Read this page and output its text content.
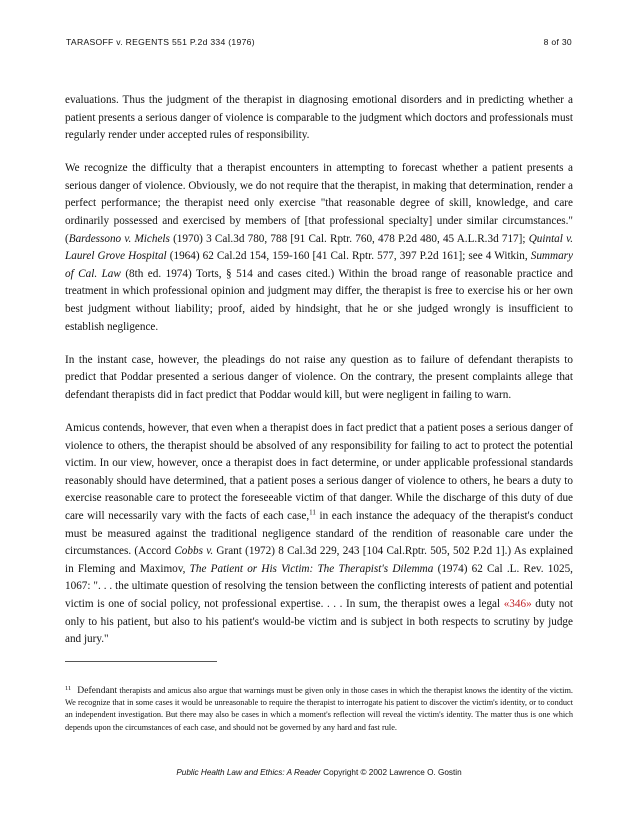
TARASOFF v. REGENTS 551 P.2d 334 (1976)	8 of 30

evaluations. Thus the judgment of the therapist in diagnosing emotional disorders and in predicting whether a patient presents a serious danger of violence is comparable to the judgment which doctors and professionals must regularly render under accepted rules of responsibility.

We recognize the difficulty that a therapist encounters in attempting to forecast whether a patient presents a serious danger of violence. Obviously, we do not require that the therapist, in making that determination, render a perfect performance; the therapist need only exercise "that reasonable degree of skill, knowledge, and care ordinarily possessed and exercised by members of [that professional specialty] under similar circumstances." (Bardessono v. Michels (1970) 3 Cal.3d 780, 788 [91 Cal. Rptr. 760, 478 P.2d 480, 45 A.L.R.3d 717]; Quintal v. Laurel Grove Hospital (1964) 62 Cal.2d 154, 159-160 [41 Cal. Rptr. 577, 397 P.2d 161]; see 4 Witkin, Summary of Cal. Law (8th ed. 1974) Torts, § 514 and cases cited.) Within the broad range of reasonable practice and treatment in which professional opinion and judgment may differ, the therapist is free to exercise his or her own best judgment without liability; proof, aided by hindsight, that he or she judged wrongly is insufficient to establish negligence.

In the instant case, however, the pleadings do not raise any question as to failure of defendant therapists to predict that Poddar presented a serious danger of violence. On the contrary, the present complaints allege that defendant therapists did in fact predict that Poddar would kill, but were negligent in failing to warn.

Amicus contends, however, that even when a therapist does in fact predict that a patient poses a serious danger of violence to others, the therapist should be absolved of any responsibility for failing to act to protect the potential victim. In our view, however, once a therapist does in fact determine, or under applicable professional standards reasonably should have determined, that a patient poses a serious danger of violence to others, he bears a duty to exercise reasonable care to protect the foreseeable victim of that danger. While the discharge of this duty of due care will necessarily vary with the facts of each case,$^{11}$ in each instance the adequacy of the therapist's conduct must be measured against the traditional negligence standard of the rendition of reasonable care under the circumstances. (Accord Cobbs v. Grant (1972) 8 Cal.3d 229, 243 [104 Cal.Rptr. 505, 502 P.2d 1].) As explained in Fleming and Maximov, The Patient or His Victim: The Therapist's Dilemma (1974) 62 Cal .L. Rev. 1025, 1067: ". . . the ultimate question of resolving the tension between the conflicting interests of patient and potential victim is one of social policy, not professional expertise. . . . In sum, the therapist owes a legal «346» duty not only to his patient, but also to his patient's would-be victim and is subject in both respects to scrutiny by judge and jury."

$^{11}$ Defendant therapists and amicus also argue that warnings must be given only in those cases in which the therapist knows the identity of the victim. We recognize that in some cases it would be unreasonable to require the therapist to interrogate his patient to discover the victim's identity, or to conduct an independent investigation. But there may also be cases in which a moment's reflection will reveal the victim's identity. The matter thus is one which depends upon the circumstances of each case, and should not be governed by any hard and fast rule.
Public Health Law and Ethics: A Reader Copyright © 2002 Lawrence O. Gostin
